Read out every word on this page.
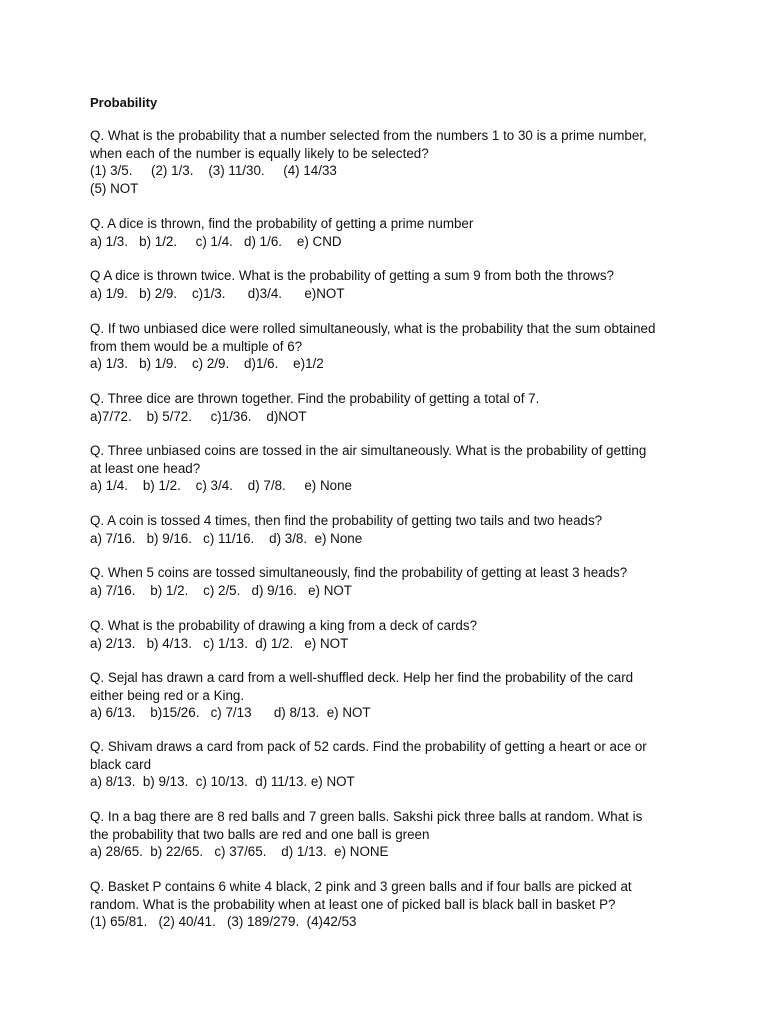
Probability
Q. What is the probability that a number selected from the numbers 1 to 30 is a prime number,
when each of the number is equally likely to be selected?
(1) 3/5.     (2) 1/3.    (3) 11/30.     (4) 14/33
(5) NOT
Q. A dice is thrown, find the probability of getting a prime number
a) 1/3.   b) 1/2.     c) 1/4.   d) 1/6.    e) CND
Q A dice is thrown twice. What is the probability of getting a sum 9 from both the throws?
a) 1/9.   b) 2/9.    c)1/3.      d)3/4.      e)NOT
Q. If two unbiased dice were rolled simultaneously, what is the probability that the sum obtained
from them would be a multiple of 6?
a) 1/3.   b) 1/9.    c) 2/9.    d)1/6.    e)1/2
Q. Three dice are thrown together. Find the probability of getting a total of 7.
a)7/72.    b) 5/72.     c)1/36.    d)NOT
Q. Three unbiased coins are tossed in the air simultaneously. What is the probability of getting
at least one head?
a) 1/4.    b) 1/2.    c) 3/4.    d) 7/8.     e) None
Q. A coin is tossed 4 times, then find the probability of getting two tails and two heads?
a) 7/16.   b) 9/16.   c) 11/16.    d) 3/8.  e) None
Q. When 5 coins are tossed simultaneously, find the probability of getting at least 3 heads?
a) 7/16.    b) 1/2.    c) 2/5.   d) 9/16.   e) NOT
Q. What is the probability of drawing a king from a deck of cards?
a) 2/13.   b) 4/13.   c) 1/13.  d) 1/2.   e) NOT
Q. Sejal has drawn a card from a well-shuffled deck. Help her find the probability of the card
either being red or a King.
a) 6/13.    b)15/26.   c) 7/13      d) 8/13.  e) NOT
Q. Shivam draws a card from pack of 52 cards. Find the probability of getting a heart or ace or
black card
a) 8/13.  b) 9/13.  c) 10/13.  d) 11/13. e) NOT
Q. In a bag there are 8 red balls and 7 green balls. Sakshi pick three balls at random. What is
the probability that two balls are red and one ball is green
a) 28/65.  b) 22/65.   c) 37/65.    d) 1/13.  e) NONE
Q. Basket P contains 6 white 4 black, 2 pink and 3 green balls and if four balls are picked at
random. What is the probability when at least one of picked ball is black ball in basket P?
(1) 65/81.   (2) 40/41.   (3) 189/279.  (4)42/53
